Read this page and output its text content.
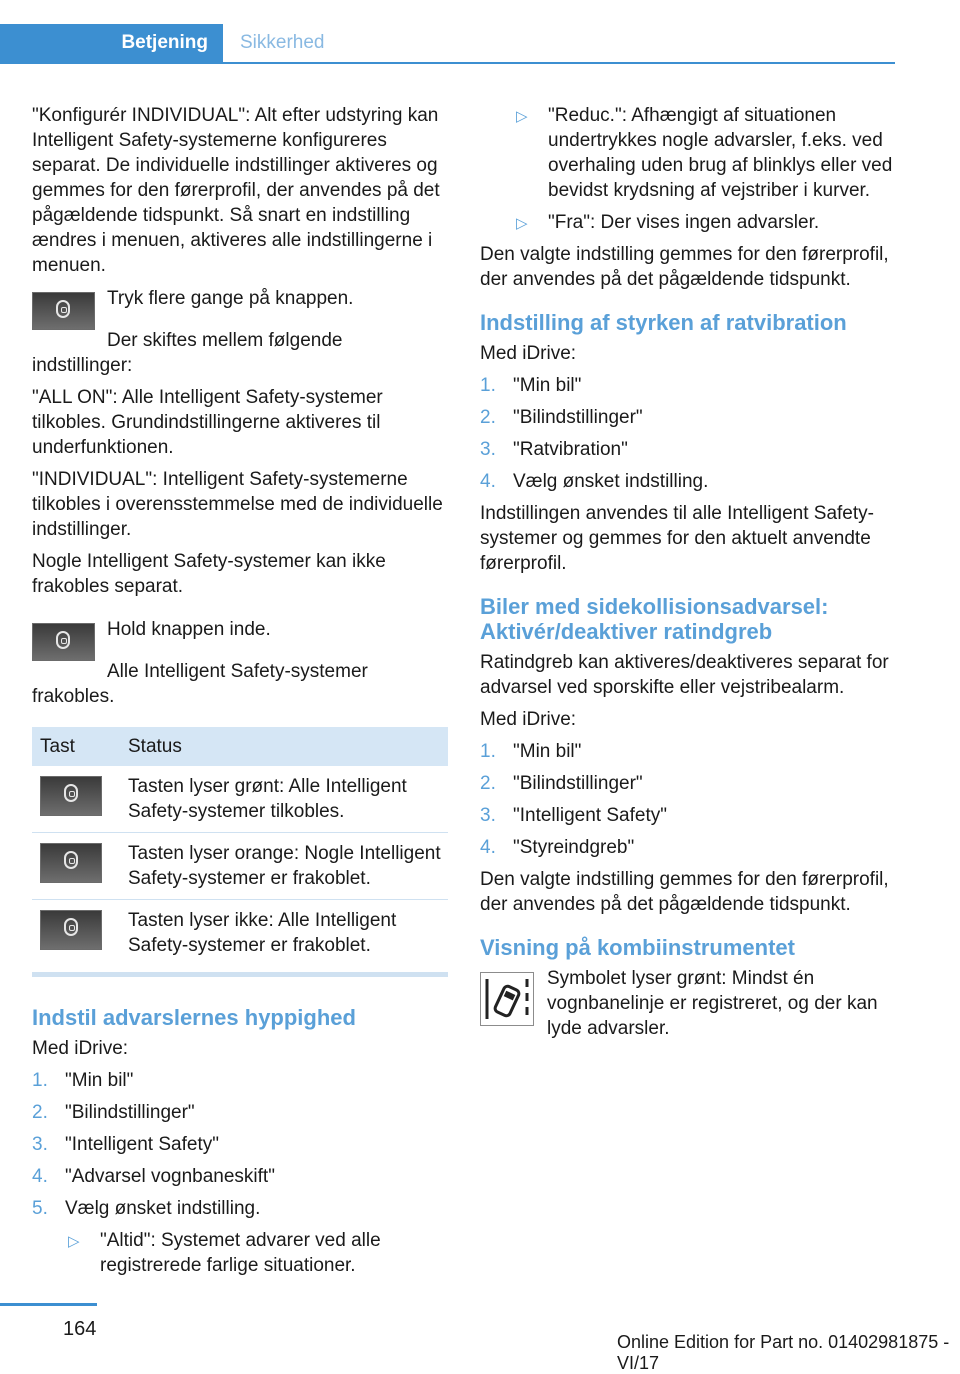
Betjening Sikkerhed

"Konfigurér INDIVIDUAL": Alt efter udstyring kan Intelligent Safety-systemerne konfigureres separat. De individuelle indstillinger aktiveres og gemmes for den førerprofil, der anvendes på det pågældende tidspunkt. Så snart en indstilling ændres i menuen, aktiveres alle indstillingerne i menuen.

Tryk flere gange på knappen.

Der skiftes mellem følgende indstillinger:

"ALL ON": Alle Intelligent Safety-systemer tilkobles. Grundindstillingerne aktiveres til underfunktionen.

"INDIVIDUAL": Intelligent Safety-systemerne tilkobles i overensstemmelse med de individuelle indstillinger.

Nogle Intelligent Safety-systemer kan ikke frakobles separat.

Hold knappen inde.

Alle Intelligent Safety-systemer frakobles.

Tast	Status

	Tasten lyser grønt: Alle Intelligent Safety-systemer tilkobles.

	Tasten lyser orange: Nogle Intelligent Safety-systemer er frakoblet.

	Tasten lyser ikke: Alle Intelligent Safety-systemer er frakoblet.
Indstil advarslernes hyppighed

Med iDrive:

1. "Min bil"
2. "Bilindstillinger"
3. "Intelligent Safety"
4. "Advarsel vognbaneskift"
5. Vælg ønsket indstilling.
▷ "Altid": Systemet advarer ved alle registrerede farlige situationer.
▷ "Reduc.": Afhængigt af situationen undertrykkes nogle advarsler, f.eks. ved overhaling uden brug af blinklys eller ved bevidst krydsning af vejstriber i kurver.
▷ "Fra": Der vises ingen advarsler.

Den valgte indstilling gemmes for den førerprofil, der anvendes på det pågældende tidspunkt.

Indstilling af styrken af ratvibration

Med iDrive:

1. "Min bil"
2. "Bilindstillinger"
3. "Ratvibration"
4. Vælg ønsket indstilling.

Indstillingen anvendes til alle Intelligent Safety-systemer og gemmes for den aktuelt anvendte førerprofil.

Biler med sidekollisionsadvarsel: Aktivér/deaktiver ratindgreb

Ratindgreb kan aktiveres/deaktiveres separat for advarsel ved sporskifte eller vejstribealarm.

Med iDrive:

1. "Min bil"
2. "Bilindstillinger"
3. "Intelligent Safety"
4. "Styreindgreb"

Den valgte indstilling gemmes for den førerprofil, der anvendes på det pågældende tidspunkt.

Visning på kombiinstrumentet

Symbolet lyser grønt: Mindst én vognbanelinje er registreret, og der kan lyde advarsler.

164
Online Edition for Part no. 01402981875 - VI/17
